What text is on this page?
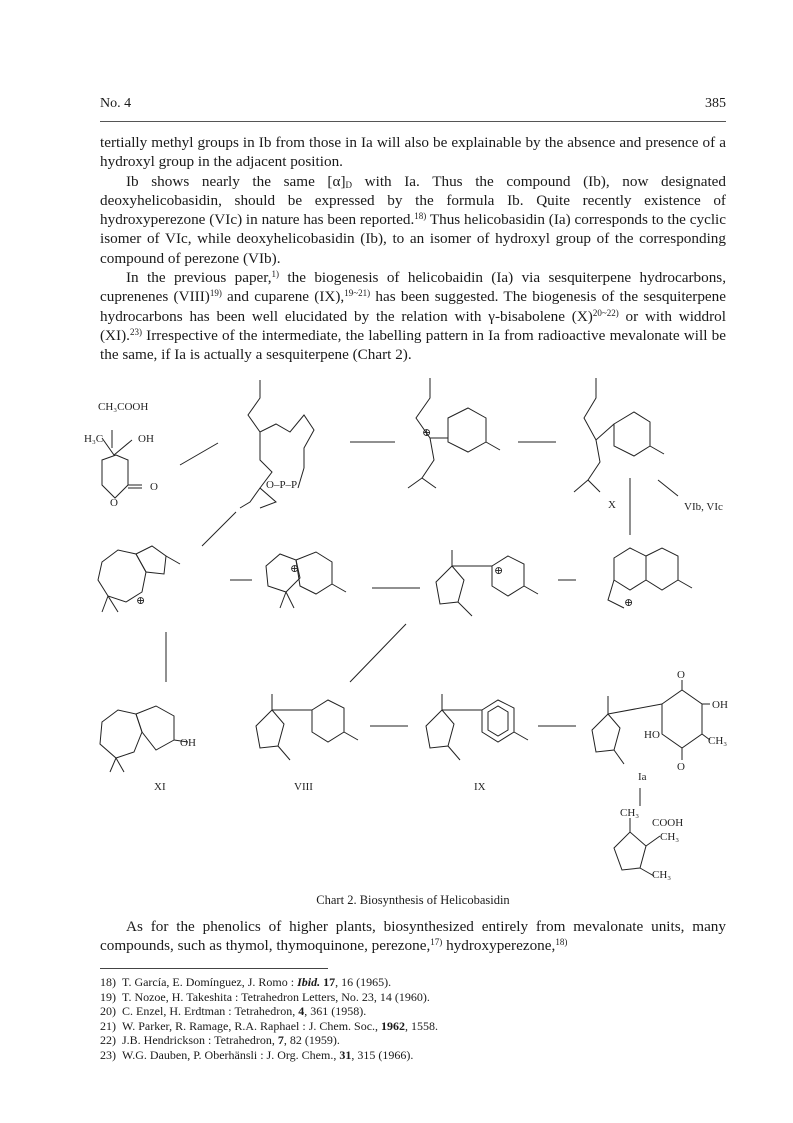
No. 4	385

tertially methyl groups in Ib from those in Ia will also be explainable by the absence and presence of a hydroxyl group in the adjacent position.

Ib shows nearly the same $[\alpha]_D$ with Ia. Thus the compound (Ib), now designated deoxyhelicobasidin, should be expressed by the formula Ib. Quite recently existence of hydroxyperezone (VIc) in nature has been reported.$^{18)}$ Thus helicobasidin (Ia) corresponds to the cyclic isomer of VIc, while deoxyhelicobasidin (Ib), to an isomer of hydroxyl group of the corresponding compound of perezone (VIb).

In the previous paper,$^{1)}$ the biogenesis of helicobaidin (Ia) via sesquiterpene hydrocarbons, cuprenenes (VIII)$^{19)}$ and cuparene (IX),$^{19\sim 21)}$ has been suggested. The biogenesis of the sesquiterpene hydrocarbons has been well elucidated by the relation with γ-bisabolene $(X)^{20\sim 22)}$ or with widdrol (XI).$^{23)}$ Irrespective of the intermediate, the labelling pattern in Ia from radioactive mevalonate will be the same, if Ia is actually a sesquiterpene (Chart 2).

CH₃COOH
H₃C	OH
O
O
O–P–P
X	VIb, VIc
XI
OH
VIII	IX
Ia
HO
OH
CH₃
O
O
CH₃
COOH
CH₃
CH₃
⊕
⊕
⊕	⊕
⊕
Chart 2. Biosynthesis of Helicobasidin

As for the phenolics of higher plants, biosynthesized entirely from mevalonate units, many compounds, such as thymol, thymoquinone, perezone,$^{17)}$ hydroxyperezone,$^{18)}$

18) T. García, E. Domínguez, J. Romo : Ibid. 17, 16 (1965).
19) T. Nozoe, H. Takeshita : Tetrahedron Letters, No. 23, 14 (1960).
20) C. Enzel, H. Erdtman : Tetrahedron, 4, 361 (1958).
21) W. Parker, R. Ramage, R.A. Raphael : J. Chem. Soc., 1962, 1558.
22) J.B. Hendrickson : Tetrahedron, 7, 82 (1959).
23) W.G. Dauben, P. Oberhänsli : J. Org. Chem., 31, 315 (1966).
